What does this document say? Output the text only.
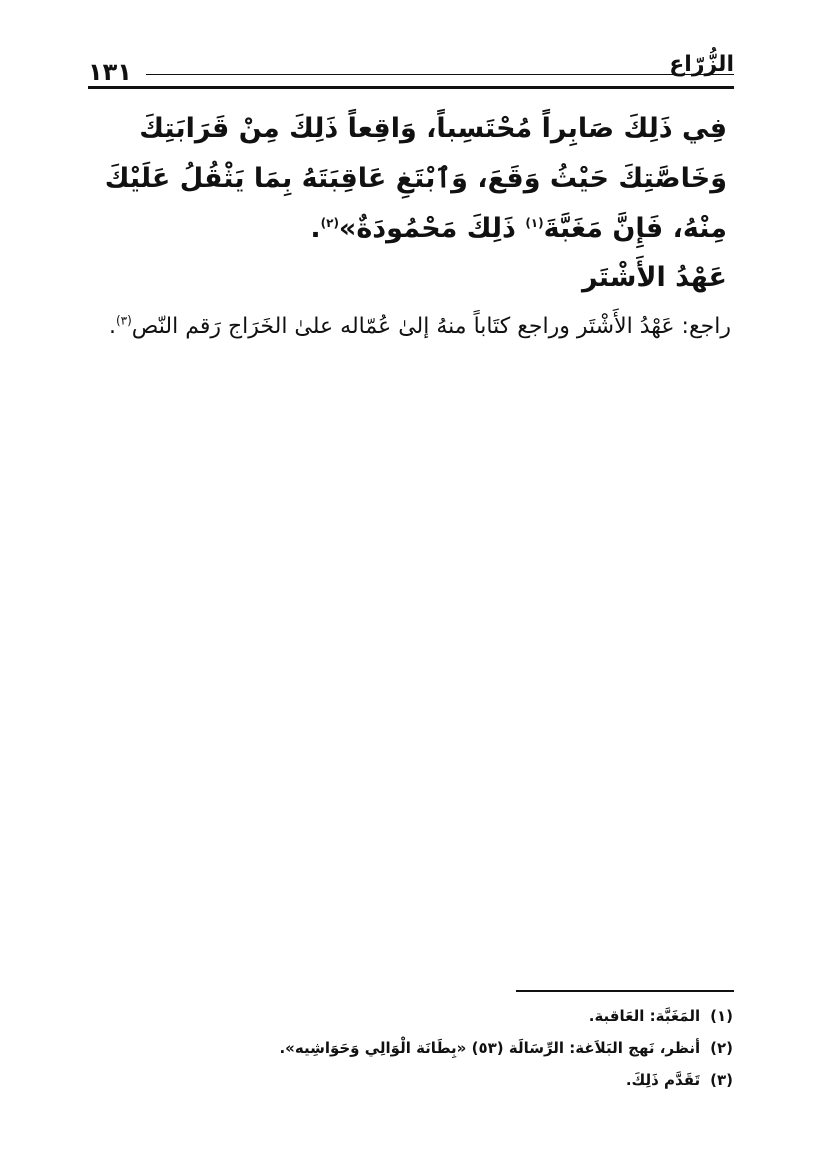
الزُّرّاع
١٣١

فِي ذَلِكَ صَابِراً مُحْتَسِباً، وَاقِعاً ذَلِكَ مِنْ قَرَابَتِكَ

وَخَاصَّتِكَ حَيْثُ وَقَعَ، وَٱبْتَغِ عَاقِبَتَهُ بِمَا يَثْقُلُ عَلَيْكَ

مِنْهُ، فَإِنَّ مَغَبَّةَ$^{(١)}$ ذَلِكَ مَحْمُودَةٌ»$^{(٢)}$.

عَهْدُ الأَشْتَر
راجع: عَهْدُ الأَشْتَر وراجع كتَاباً منهُ إلىٰ عُمّاله علىٰ الخَرَاج رَقم النّص$^{(٣)}$.
(١)المَغَبَّة: العَاقبة.
(٢)أنظر، نَهج البَلاَغة: الرِّسَالَة (٥٣) «بِطَانَة الْوَالِي وَحَوَاشِيه».
(٣)تَقَدَّم ذَلِكَ.
